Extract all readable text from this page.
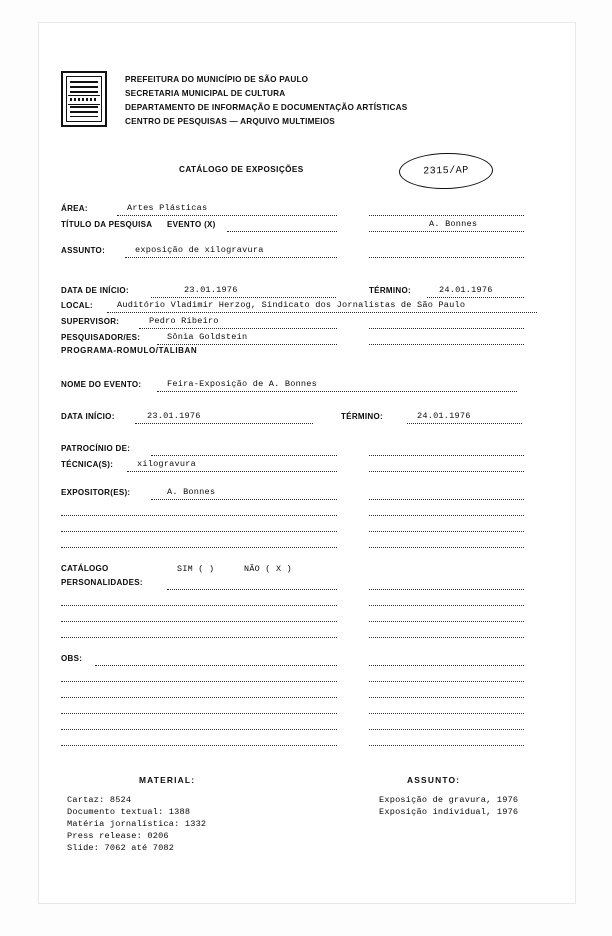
PREFEITURA DO MUNICÍPIO DE SÃO PAULO
SECRETARIA MUNICIPAL DE CULTURA
DEPARTAMENTO DE INFORMAÇÃO E DOCUMENTAÇÃO ARTÍSTICAS
CENTRO DE PESQUISAS — ARQUIVO MULTIMEIOS
CATÁLOGO DE EXPOSIÇÕES	2315/AP
ÁREA:	Artes Plásticas
TÍTULO DA PESQUISA EVENTO (X)	A. Bonnes
ASSUNTO:	exposição de xilogravura
DATA DE INÍCIO:	23.01.1976	TÉRMINO:	24.01.1976
LOCAL:	Auditório Vladimir Herzog, Sindicato dos Jornalistas de São Paulo
SUPERVISOR:	Pedro Ribeiro
PESQUISADOR/ES:	Sônia Goldstein
PROGRAMA-ROMULO/TALIBAN
NOME DO EVENTO:	Feira-Exposição de A. Bonnes
DATA INÍCIO:	23.01.1976	TÉRMINO:	24.01.1976
PATROCÍNIO DE:
TÉCNICA(S):	xilogravura
EXPOSITOR(ES):	A. Bonnes
CATÁLOGO	SIM ( )	NÃO ( X )
PERSONALIDADES:
OBS:
MATERIAL:	ASSUNTO:
Cartaz: 8524
Documento textual: 1388
Matéria jornalística: 1332
Press release: 0206
Slide: 7062 até 7082
Exposição de gravura, 1976
Exposição individual, 1976
